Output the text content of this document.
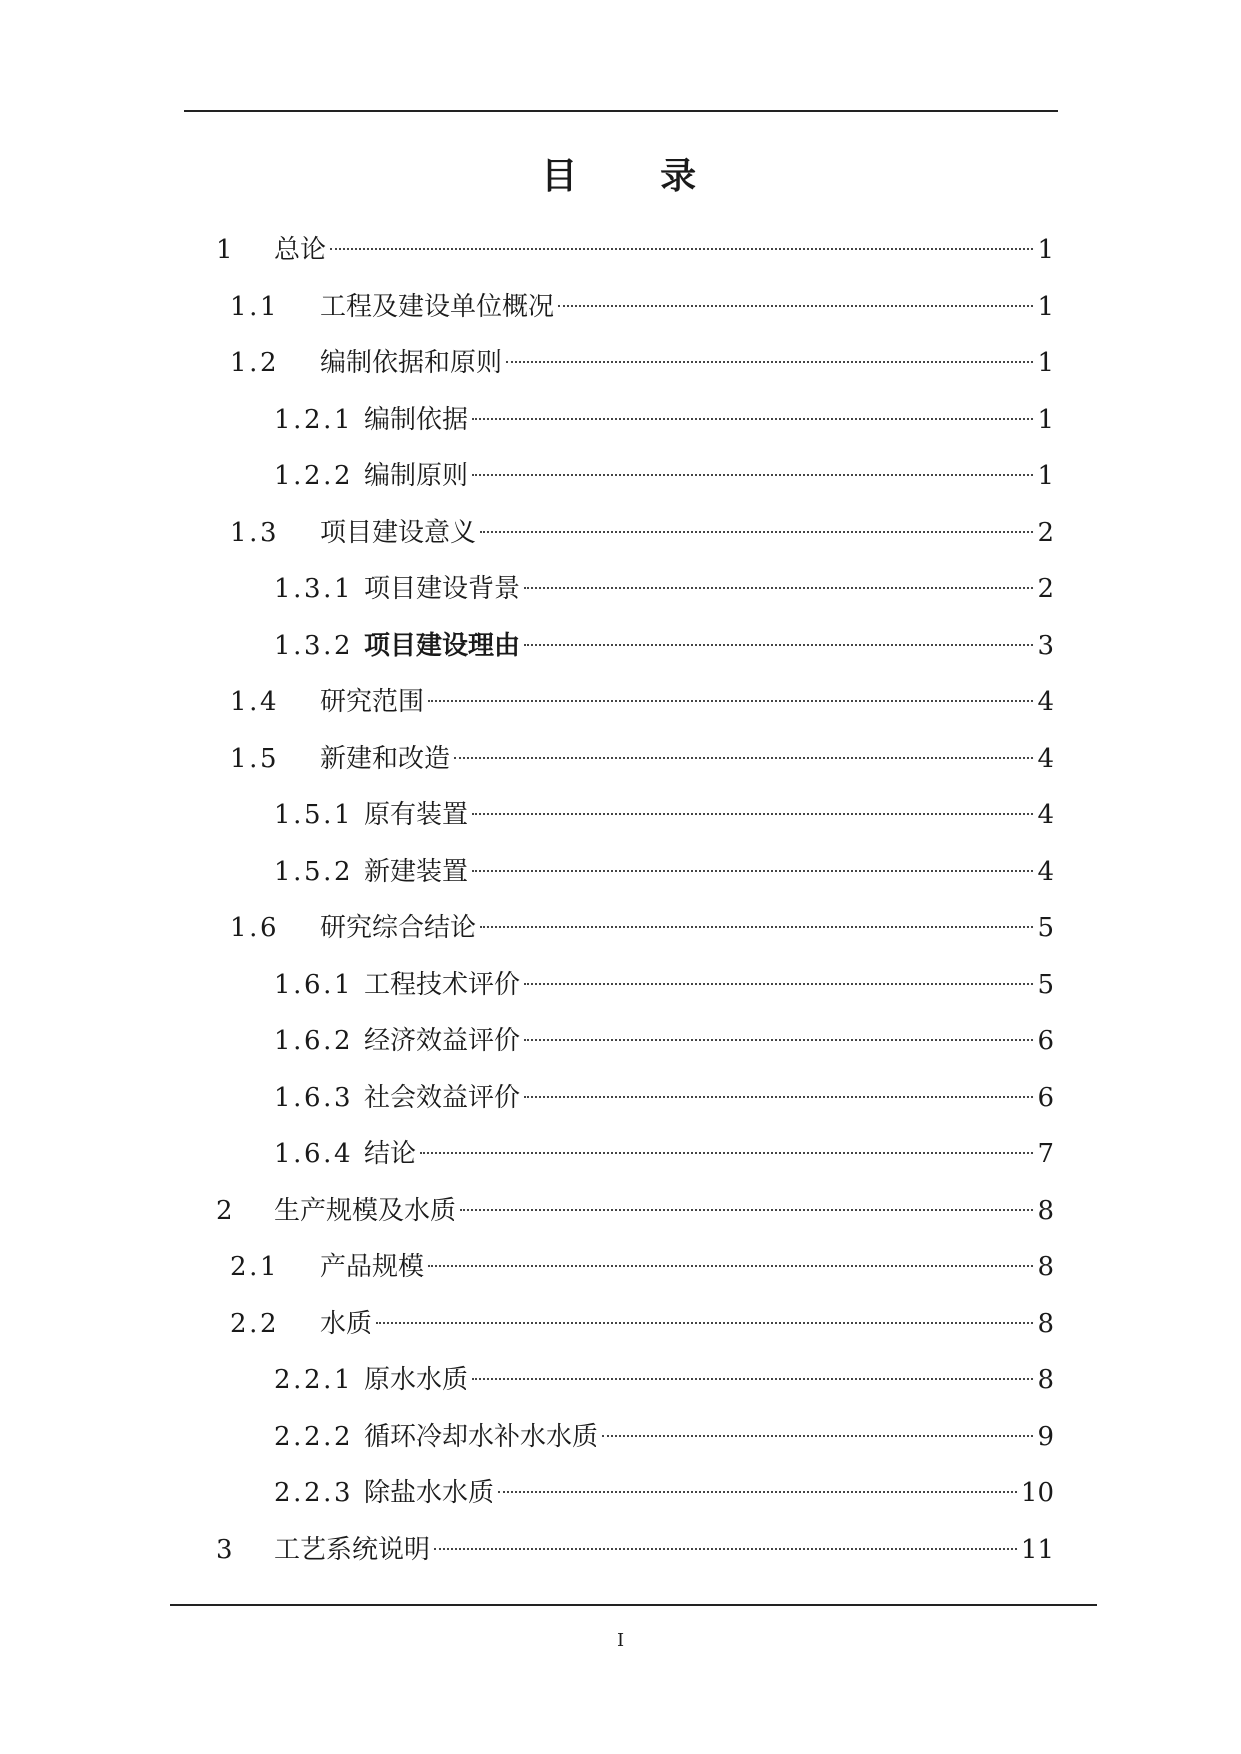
目　　录
1	总论	1
1.1	工程及建设单位概况	1
1.2	编制依据和原则	1
1.2.1 编制依据	1
1.2.2 编制原则	1
1.3	项目建设意义	2
1.3.1 项目建设背景	2
1.3.2 项目建设理由	3
1.4	研究范围	4
1.5	新建和改造	4
1.5.1 原有装置	4
1.5.2 新建装置	4
1.6	研究综合结论	5
1.6.1 工程技术评价	5
1.6.2 经济效益评价	6
1.6.3 社会效益评价	6
1.6.4 结论	7
2	生产规模及水质	8
2.1	产品规模	8
2.2	水质	8
2.2.1 原水水质	8
2.2.2 循环冷却水补水水质	9
2.2.3 除盐水水质	10
3	工艺系统说明	11
I
